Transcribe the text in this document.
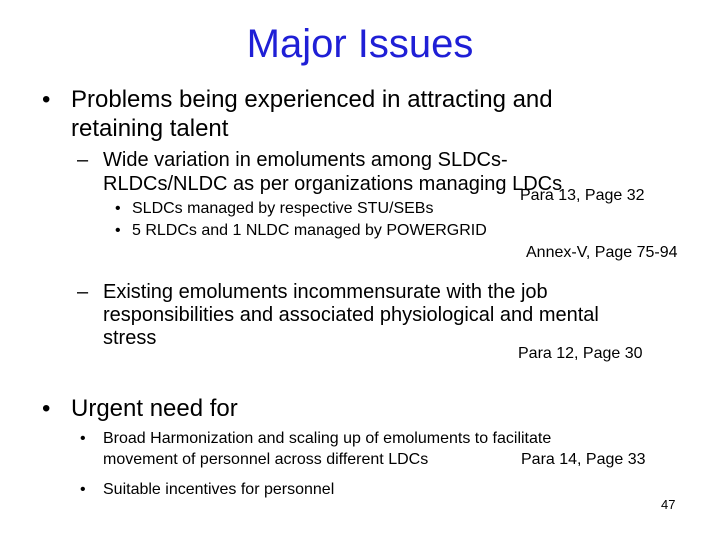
Major Issues
• Problems being experienced in attracting and
retaining talent
– Wide variation in emoluments among SLDCs-
RLDCs/NLDC as per organizations managing LDCs
Para 13, Page 32
• SLDCs managed by respective STU/SEBs
• 5 RLDCs and 1 NLDC managed by POWERGRID
Annex-V, Page 75-94
– Existing emoluments incommensurate with the job
responsibilities and associated physiological and mental
stress
Para 12, Page 30
• Urgent need for
• Broad Harmonization and scaling up of emoluments to facilitate
movement of personnel across different LDCs	Para 14, Page 33
• Suitable incentives for personnel
47
